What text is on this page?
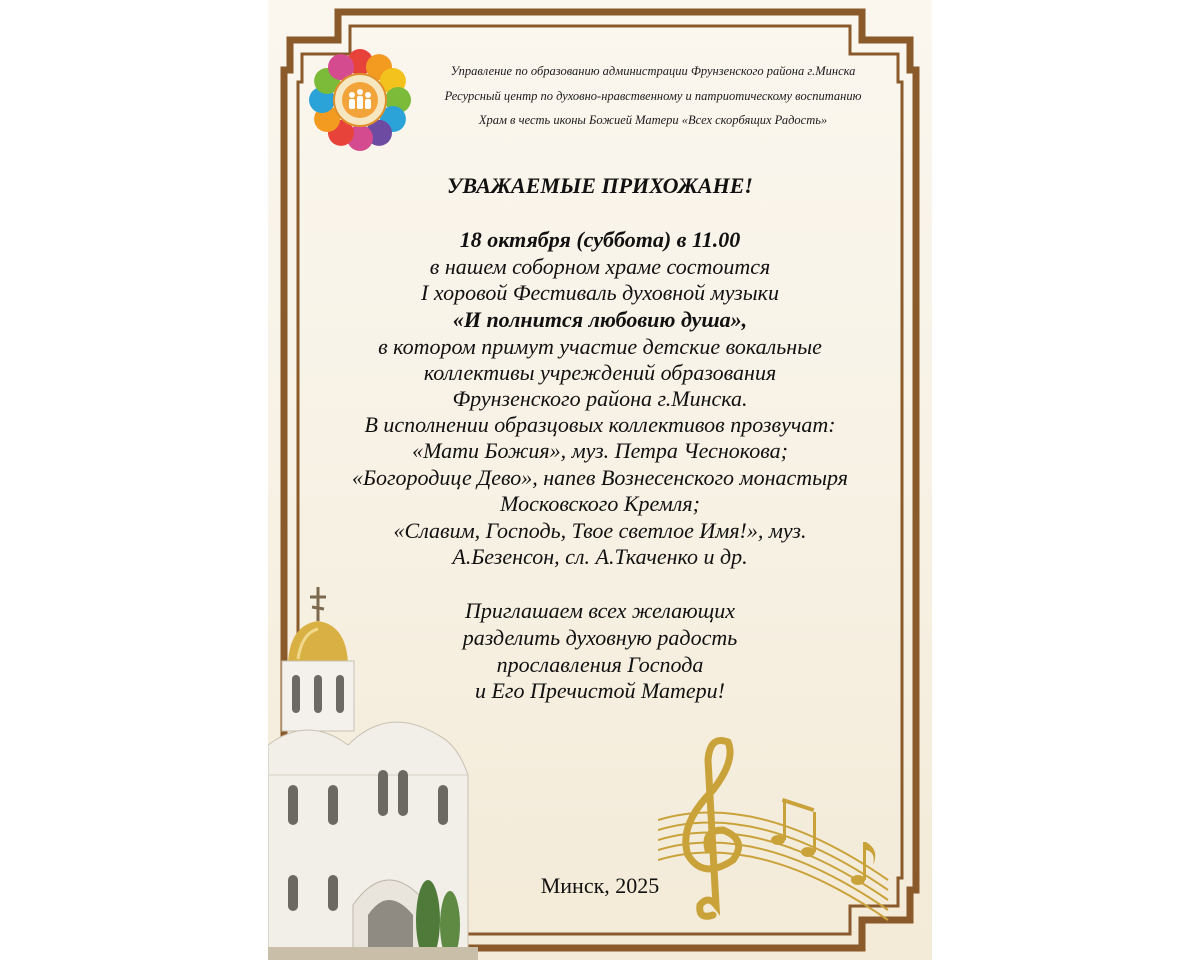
Управление по образованию администрации Фрунзенского района г.Минска
Ресурсный центр по духовно-нравственному и патриотическому воспитанию
Храм в честь иконы Божией Матери «Всех скорбящих Радость»
УВАЖАЕМЫЕ ПРИХОЖАНЕ!
18 октября (суббота) в 11.00
в нашем соборном храме состоится
I хоровой Фестиваль духовной музыки
«И полнится любовию душа»,
в котором примут участие детские вокальные
коллективы учреждений образования
Фрунзенского района г.Минска.
В исполнении образцовых коллективов прозвучат:
«Мати Божия», муз. Петра Чеснокова;
«Богородице Дево», напев Вознесенского монастыря
Московского Кремля;
«Славим, Господь, Твое светлое Имя!», муз.
А.Безенсон, сл. А.Ткаченко и др.
Приглашаем всех желающих
разделить духовную радость
прославления Господа
и Его Пречистой Матери!
Минск, 2025
